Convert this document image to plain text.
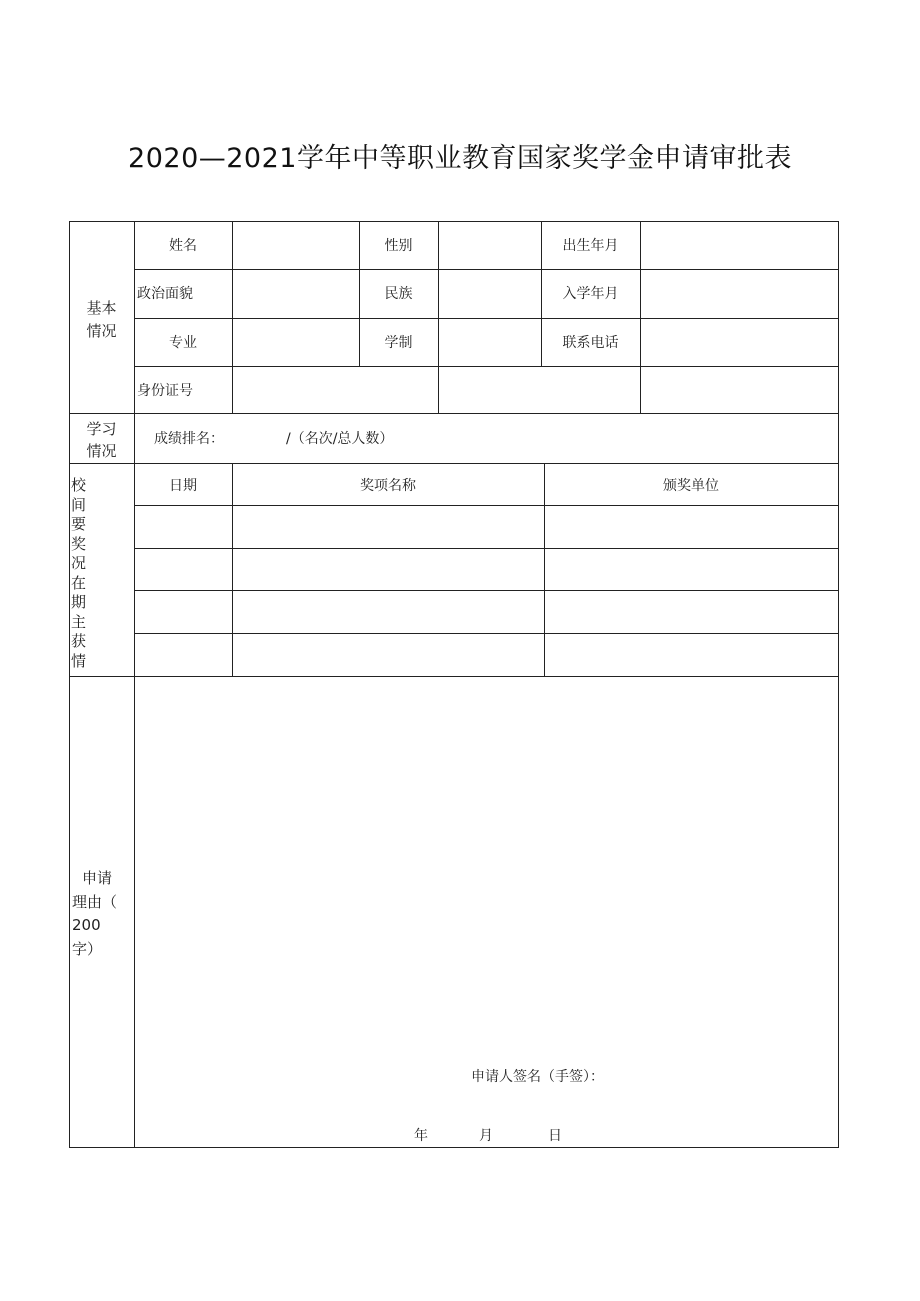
2020—2021学年中等职业教育国家奖学金申请审批表
基本
情况
姓名	性别	出生年月
政治面貌	民族	入学年月
专业	学制	联系电话
身份证号
学习
情况
成绩排名：	/（名次/总人数）
校间要奖况在期主获情
日期	奖项名称	颁奖单位
申请
理由（
200
字）
申请人签名（手签）：
年	月	日
